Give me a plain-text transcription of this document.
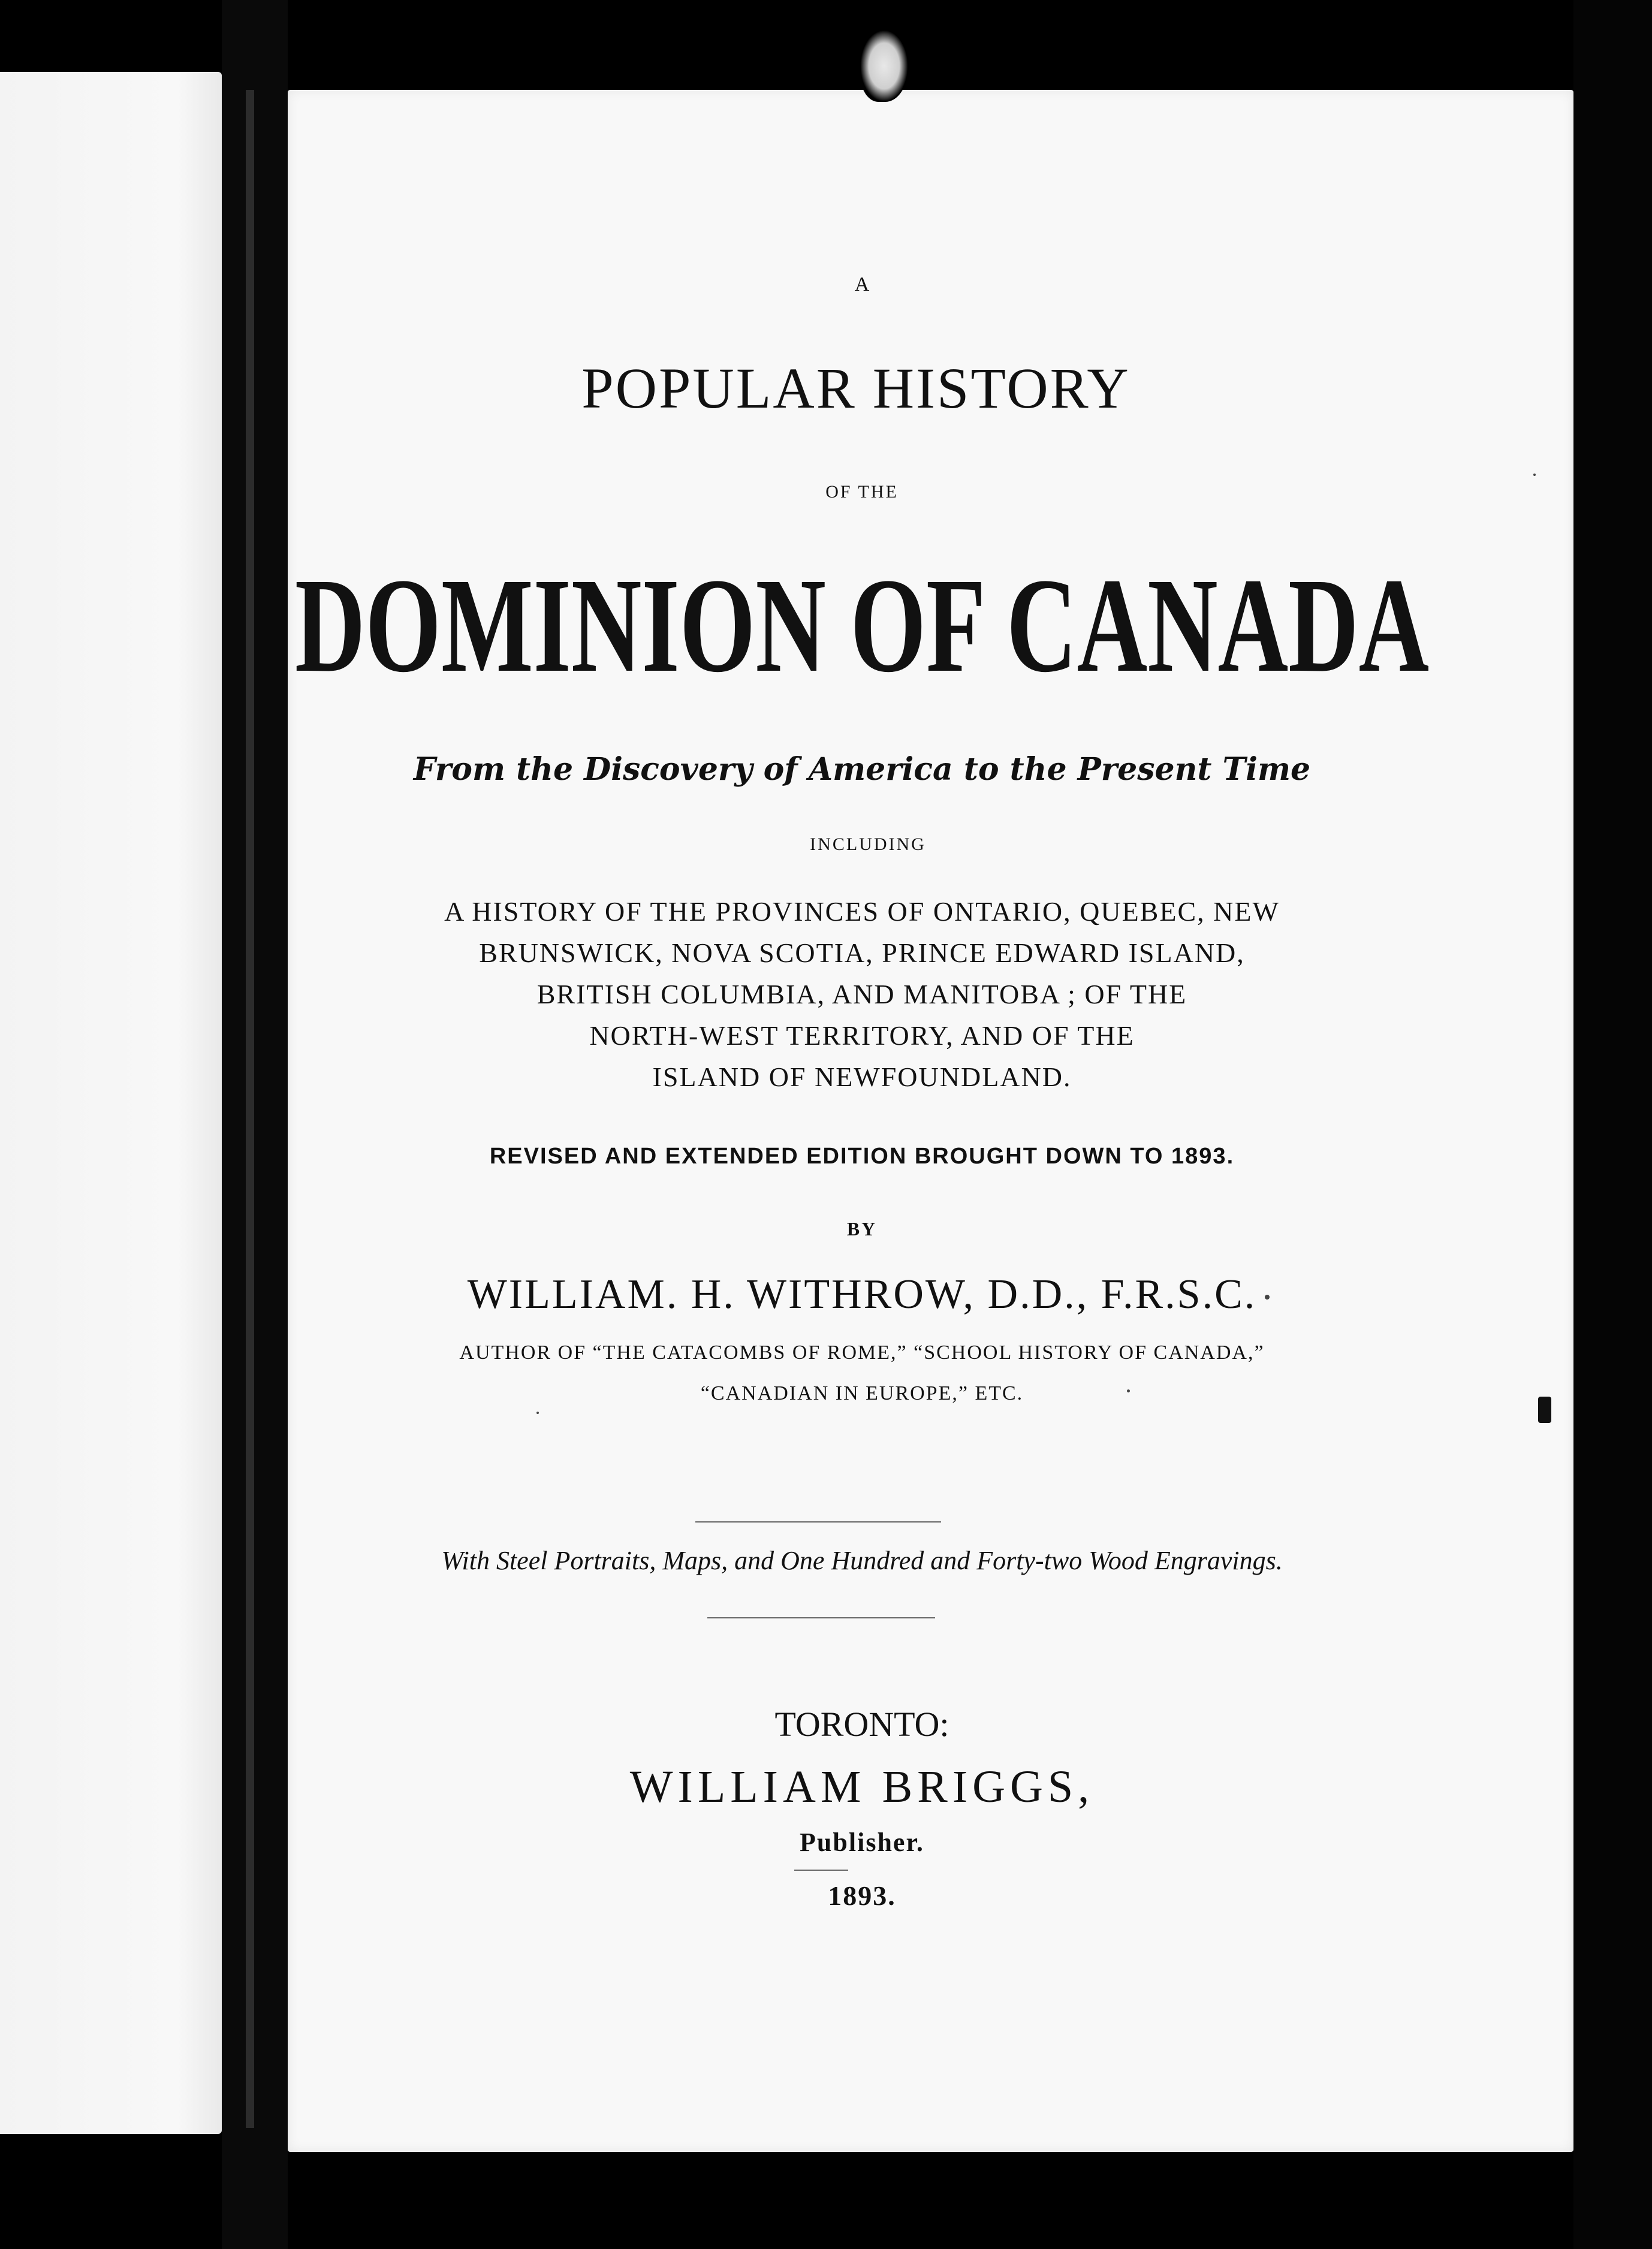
A
POPULAR HISTORY
OF THE
DOMINION OF CANADA
From the Discovery of America to the Present Time
INCLUDING
A HISTORY OF THE PROVINCES OF ONTARIO, QUEBEC, NEW
BRUNSWICK, NOVA SCOTIA, PRINCE EDWARD ISLAND,
BRITISH COLUMBIA, AND MANITOBA ; OF THE
NORTH-WEST TERRITORY, AND OF THE
ISLAND OF NEWFOUNDLAND.
REVISED AND EXTENDED EDITION BROUGHT DOWN TO 1893.
BY
WILLIAM. H. WITHROW, D.D., F.R.S.C.
AUTHOR OF “THE CATACOMBS OF ROME,” “SCHOOL HISTORY OF CANADA,”
“CANADIAN IN EUROPE,” ETC.
With Steel Portraits, Maps, and One Hundred and Forty-two Wood Engravings.
TORONTO:
WILLIAM BRIGGS,
Publisher.
1893.
